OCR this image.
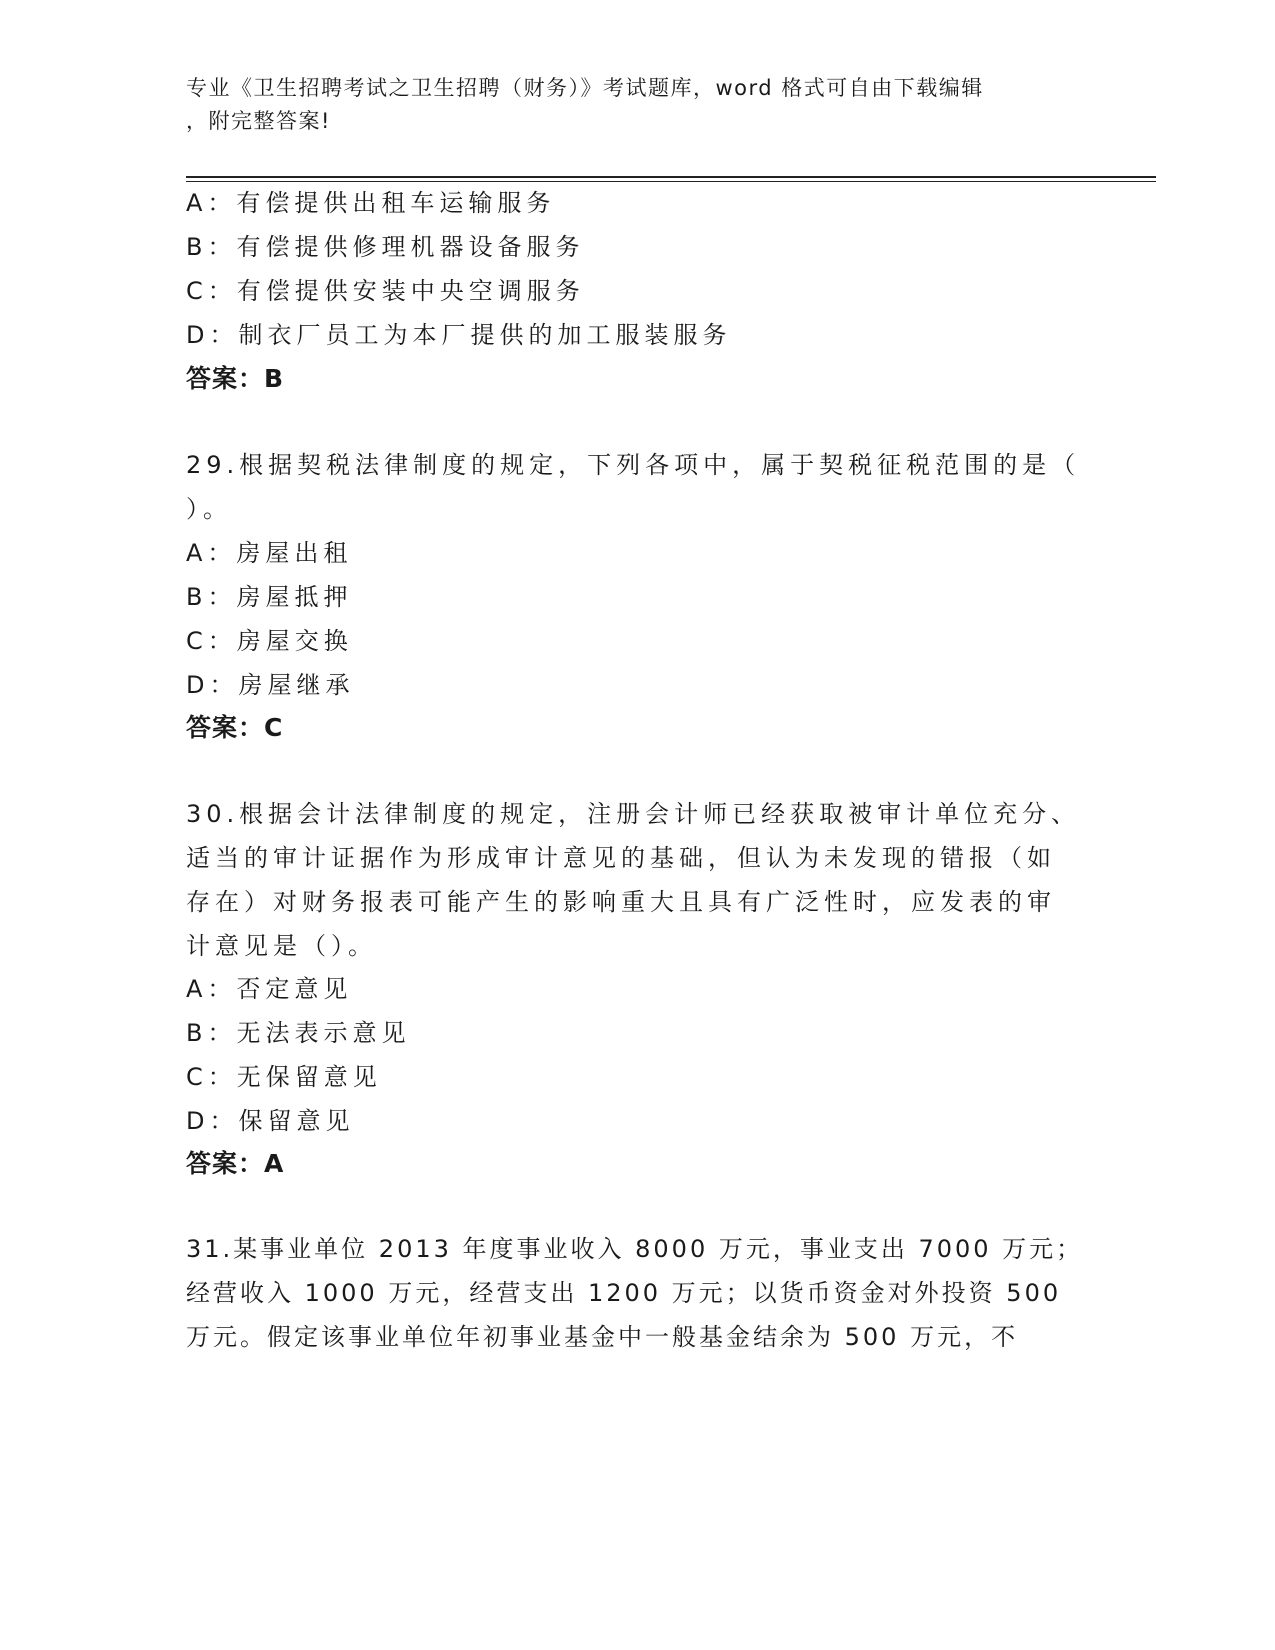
专业《卫生招聘考试之卫生招聘（财务）》考试题库，word 格式可自由下载编辑
，附完整答案!
A：有偿提供出租车运输服务
B：有偿提供修理机器设备服务
C：有偿提供安装中央空调服务
D：制衣厂员工为本厂提供的加工服装服务
答案：B
29.根据契税法律制度的规定，下列各项中，属于契税征税范围的是（
）。
A：房屋出租
B：房屋抵押
C：房屋交换
D：房屋继承
答案：C
30.根据会计法律制度的规定，注册会计师已经获取被审计单位充分、
适当的审计证据作为形成审计意见的基础，但认为未发现的错报（如
存在）对财务报表可能产生的影响重大且具有广泛性时，应发表的审
计意见是（）。
A：否定意见
B：无法表示意见
C：无保留意见
D：保留意见
答案：A
31.某事业单位 2013 年度事业收入 8000 万元，事业支出 7000 万元；
经营收入 1000 万元，经营支出 1200 万元；以货币资金对外投资 500
万元。假定该事业单位年初事业基金中一般基金结余为 500 万元，不
